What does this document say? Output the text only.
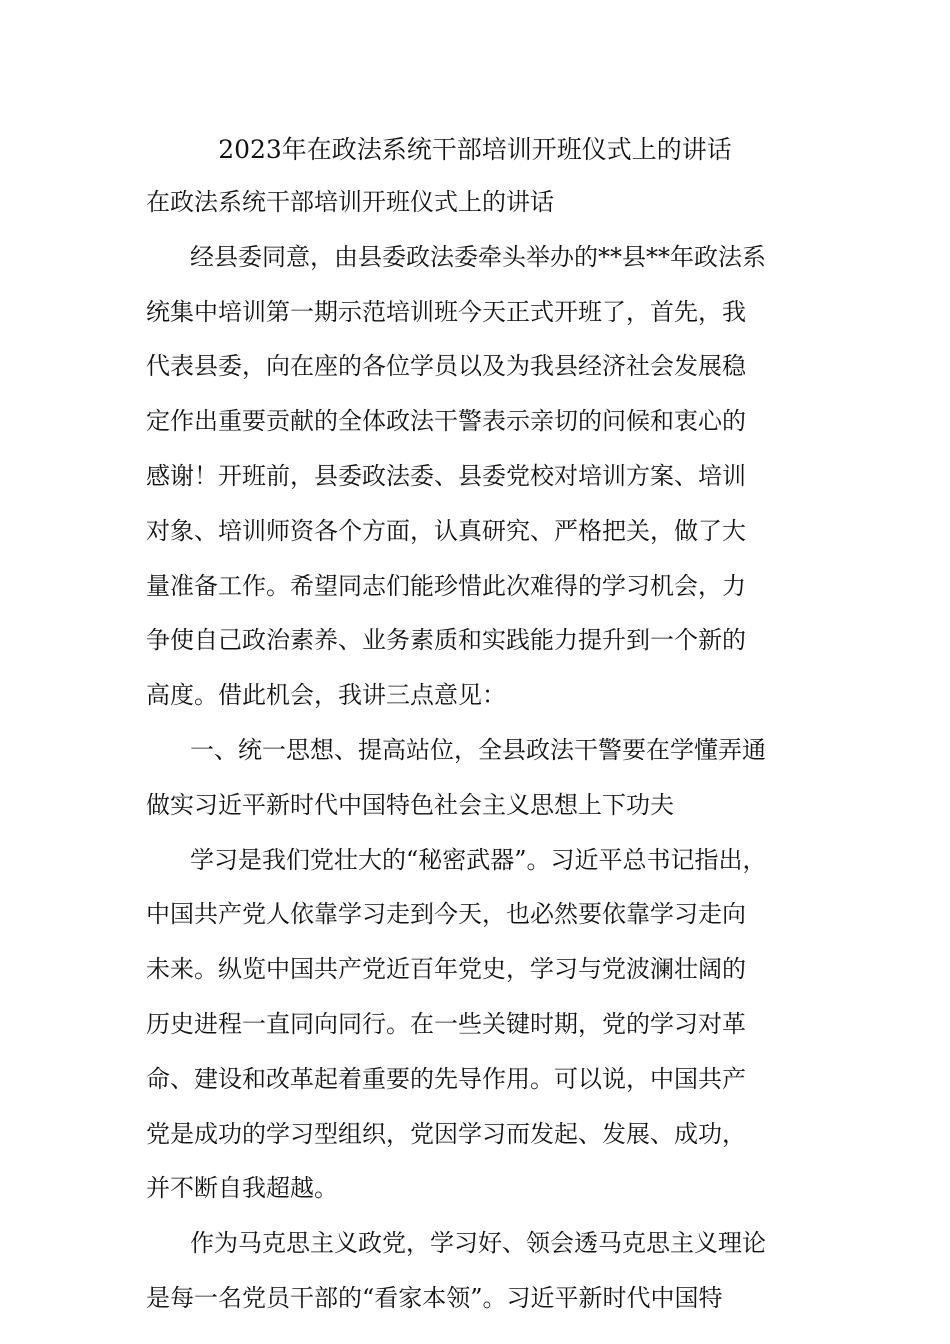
2023年在政法系统干部培训开班仪式上的讲话
在政法系统干部培训开班仪式上的讲话
经县委同意，由县委政法委牵头举办的**县**年政法系
统集中培训第一期示范培训班今天正式开班了，首先，我
代表县委，向在座的各位学员以及为我县经济社会发展稳
定作出重要贡献的全体政法干警表示亲切的问候和衷心的
感谢！开班前，县委政法委、县委党校对培训方案、培训
对象、培训师资各个方面，认真研究、严格把关，做了大
量准备工作。希望同志们能珍惜此次难得的学习机会，力
争使自己政治素养、业务素质和实践能力提升到一个新的
高度。借此机会，我讲三点意见：
一、统一思想、提高站位，全县政法干警要在学懂弄通
做实习近平新时代中国特色社会主义思想上下功夫
学习是我们党壮大的“秘密武器”。习近平总书记指出，
中国共产党人依靠学习走到今天，也必然要依靠学习走向
未来。纵览中国共产党近百年党史，学习与党波澜壮阔的
历史进程一直同向同行。在一些关键时期，党的学习对革
命、建设和改革起着重要的先导作用。可以说，中国共产
党是成功的学习型组织，党因学习而发起、发展、成功，
并不断自我超越。
作为马克思主义政党，学习好、领会透马克思主义理论
是每一名党员干部的“看家本领”。习近平新时代中国特
